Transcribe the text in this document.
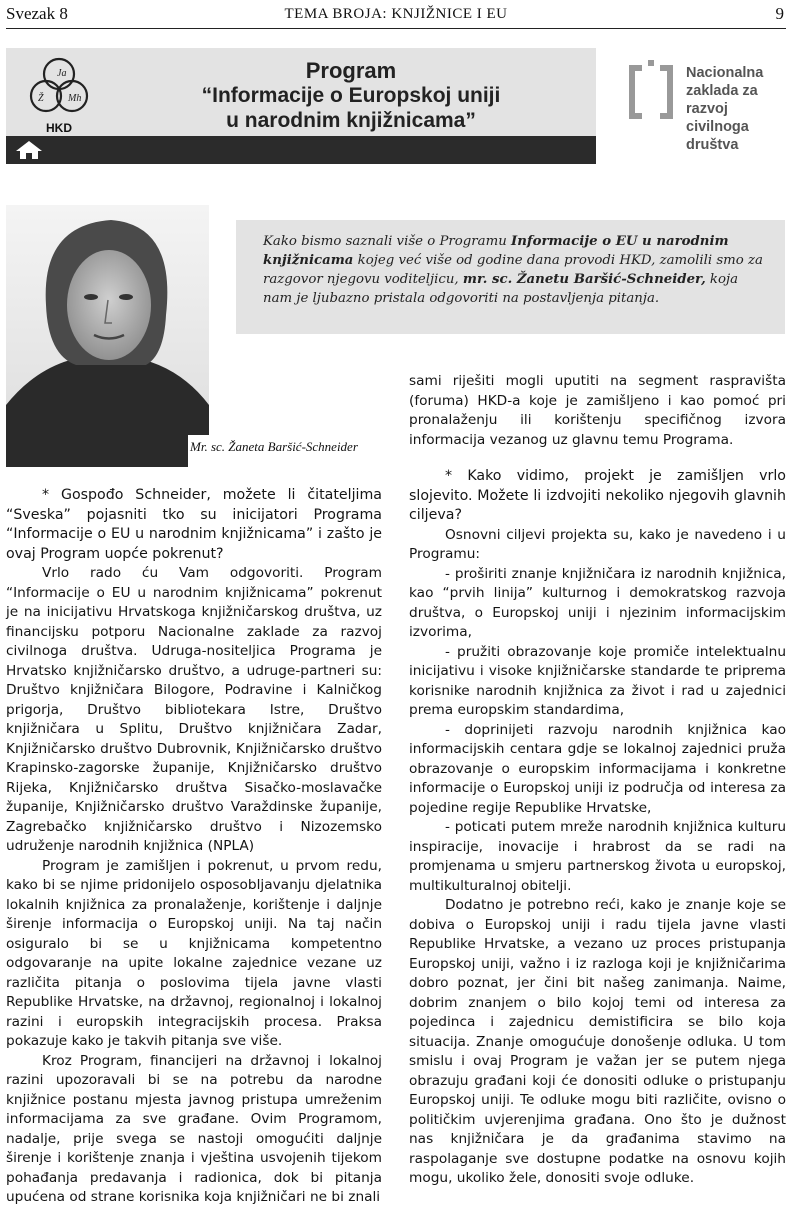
Svezak 8	TEMA BROJA: KNJIŽNICE I EU	9
Ja
Ž Mh
HKD
Program
“Informacije o Europskoj uniji
u narodnim knjižnicama”
Nacionalna
zaklada za
razvoj
civilnoga
društva
Mr. sc. Žaneta Baršić-Schneider

Kako bismo saznali više o Programu Informacije o EU u narodnim knjižnicama kojeg već više od godine dana provodi HKD, zamolili smo za razgovor njegovu voditeljicu, mr. sc. Žanetu Baršić-Schneider, koja nam je ljubazno pristala odgovoriti na postavljenja pitanja.

* Gospođo Schneider, možete li čitateljima “Sveska” pojasniti tko su inicijatori Programa “Informacije o EU u narodnim knjižnicama” i zašto je ovaj Program uopće pokrenut?

Vrlo rado ću Vam odgovoriti. Program “Informacije o EU u narodnim knjižnicama” pokrenut je na inicijativu Hrvatskoga knjižničarskog društva, uz financijsku potporu Nacionalne zaklade za razvoj civilnoga društva. Udruga-nositeljica Programa je Hrvatsko knjižničarsko društvo, a udruge-partneri su: Društvo knjižničara Bilogore, Podravine i Kalničkog prigorja, Društvo bibliotekara Istre, Društvo knjižničara u Splitu, Društvo knjižničara Zadar, Knjižničarsko društvo Dubrovnik, Knjižničarsko društvo Krapinsko-zagorske županije, Knjižničarsko društvo Rijeka, Knjižničarsko društva Sisačko-moslavačke županije, Knjižničarsko društvo Varaždinske županije, Zagrebačko knjižničarsko društvo i Nizozemsko udruženje narodnih knjižnica (NPLA)

Program je zamišljen i pokrenut, u prvom redu, kako bi se njime pridonijelo osposobljavanju djelatnika lokalnih knjižnica za pronalaženje, korištenje i daljnje širenje informacija o Europskoj uniji. Na taj način osiguralo bi se u knjižnicama kompetentno odgovaranje na upite lokalne zajednice vezane uz različita pitanja o poslovima tijela javne vlasti Republike Hrvatske, na državnoj, regionalnoj i lokalnoj razini i europskih integracijskih procesa. Praksa pokazuje kako je takvih pitanja sve više.

Kroz Program, financijeri na državnoj i lokalnoj razini upozoravali bi se na potrebu da narodne knjižnice postanu mjesta javnog pristupa umreženim informacijama za sve građane. Ovim Programom, nadalje, prije svega se nastoji omogućiti daljnje širenje i korištenje znanja i vještina usvojenih tijekom pohađanja predavanja i radionica, dok bi pitanja upućena od strane korisnika koja knjižničari ne bi znali

sami riješiti mogli uputiti na segment raspravišta (foruma) HKD-a koje je zamišljeno i kao pomoć pri pronalaženju ili korištenju specifičnog izvora informacija vezanog uz glavnu temu Programa.

* Kako vidimo, projekt je zamišljen vrlo slojevito. Možete li izdvojiti nekoliko njegovih glavnih ciljeva?

Osnovni ciljevi projekta su, kako je navedeno i u Programu:

- proširiti znanje knjižničara iz narodnih knjižnica, kao “prvih linija” kulturnog i demokratskog razvoja društva, o Europskoj uniji i njezinim informacijskim izvorima,

- pružiti obrazovanje koje promiče intelektualnu inicijativu i visoke knjižničarske standarde te pripremа korisnike narodnih knjižnica za život i rad u zajednici prema europskim standardima,

- doprinijeti razvoju narodnih knjižnica kao informacijskih centara gdje se lokalnoj zajednici pruža obrazovanje o europskim informacijama i konkretne informacije o Europskoj uniji iz područja od interesa za pojedine regije Republike Hrvatske,

- poticati putem mreže narodnih knjižnica kulturu inspiracije, inovacije i hrabrost da se radi na promjenama u smjeru partnerskog života u europskoj, multikulturalnoj obitelji.

Dodatno je potrebno reći, kako je znanje koje se dobiva o Europskoj uniji i radu tijela javne vlasti Republike Hrvatske, a vezano uz proces pristupanja Europskoj uniji, važno i iz razloga koji je knjižničarima dobro poznat, jer čini bit našeg zanimanja. Naime, dobrim znanjem o bilo kojoj temi od interesa za pojedinca i zajednicu demistificira se bilo koja situacija. Znanje omogućuje donošenje odluka. U tom smislu i ovaj Program je važan jer se putem njega obrazuju građani koji će donositi odluke o pristupanju Europskoj uniji. Te odluke mogu biti različite, ovisno o političkim uvjerenjima građana. Ono što je dužnost nas knjižničara je da građanima stavimo na raspolaganje sve dostupne podatke na osnovu kojih mogu, ukoliko žele, donositi svoje odluke.
